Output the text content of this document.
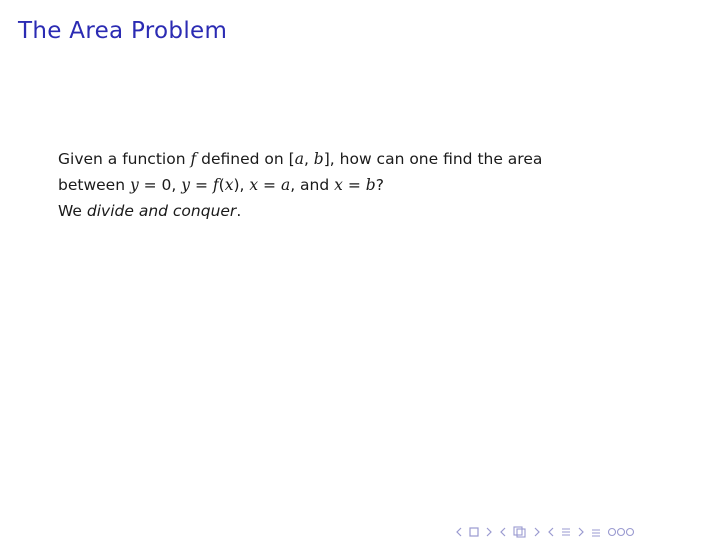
The Area Problem
Given a function f defined on [a, b], how can one find the area
between y = 0, y = f(x), x = a, and x = b?
We divide and conquer.
